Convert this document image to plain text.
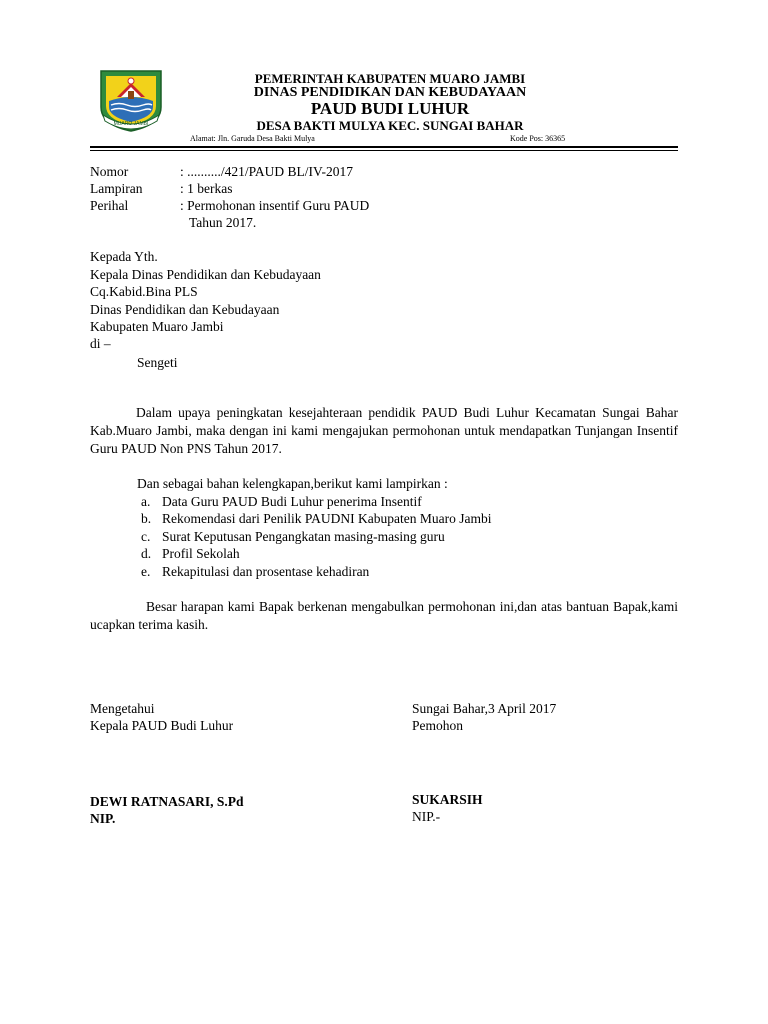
MUARO JAMBI
PEMERINTAH KABUPATEN MUARO JAMBI
DINAS PENDIDIKAN DAN KEBUDAYAAN
PAUD BUDI LUHUR
DESA BAKTI MULYA KEC. SUNGAI BAHAR
Alamat: Jln. Garuda Desa Bakti Mulya	Kode Pos: 36365
Nomor	: ........../421/PAUD BL/IV-2017
Lampiran	: 1 berkas
Perihal	: Permohonan insentif Guru PAUD
Tahun 2017.
Kepada Yth.
Kepala Dinas Pendidikan dan Kebudayaan
Cq.Kabid.Bina PLS
Dinas Pendidikan dan Kebudayaan
Kabupaten Muaro Jambi
di –
Sengeti
Dalam upaya peningkatan kesejahteraan pendidik PAUD Budi Luhur Kecamatan Sungai Bahar Kab.Muaro Jambi, maka dengan ini kami mengajukan permohonan untuk mendapatkan Tunjangan Insentif Guru PAUD Non PNS Tahun 2017.
Dan sebagai bahan kelengkapan,berikut kami lampirkan :
a. Data Guru PAUD Budi Luhur penerima Insentif
b. Rekomendasi dari Penilik PAUDNI Kabupaten Muaro Jambi
c. Surat Keputusan Pengangkatan masing-masing guru
d. Profil Sekolah
e. Rekapitulasi dan prosentase kehadiran
Besar harapan kami Bapak berkenan mengabulkan permohonan ini,dan atas bantuan Bapak,kami ucapkan terima kasih.
Mengetahui
Kepala PAUD Budi Luhur
DEWI RATNASARI, S.Pd
NIP.
Sungai Bahar,3 April 2017
Pemohon
SUKARSIH
NIP.-
